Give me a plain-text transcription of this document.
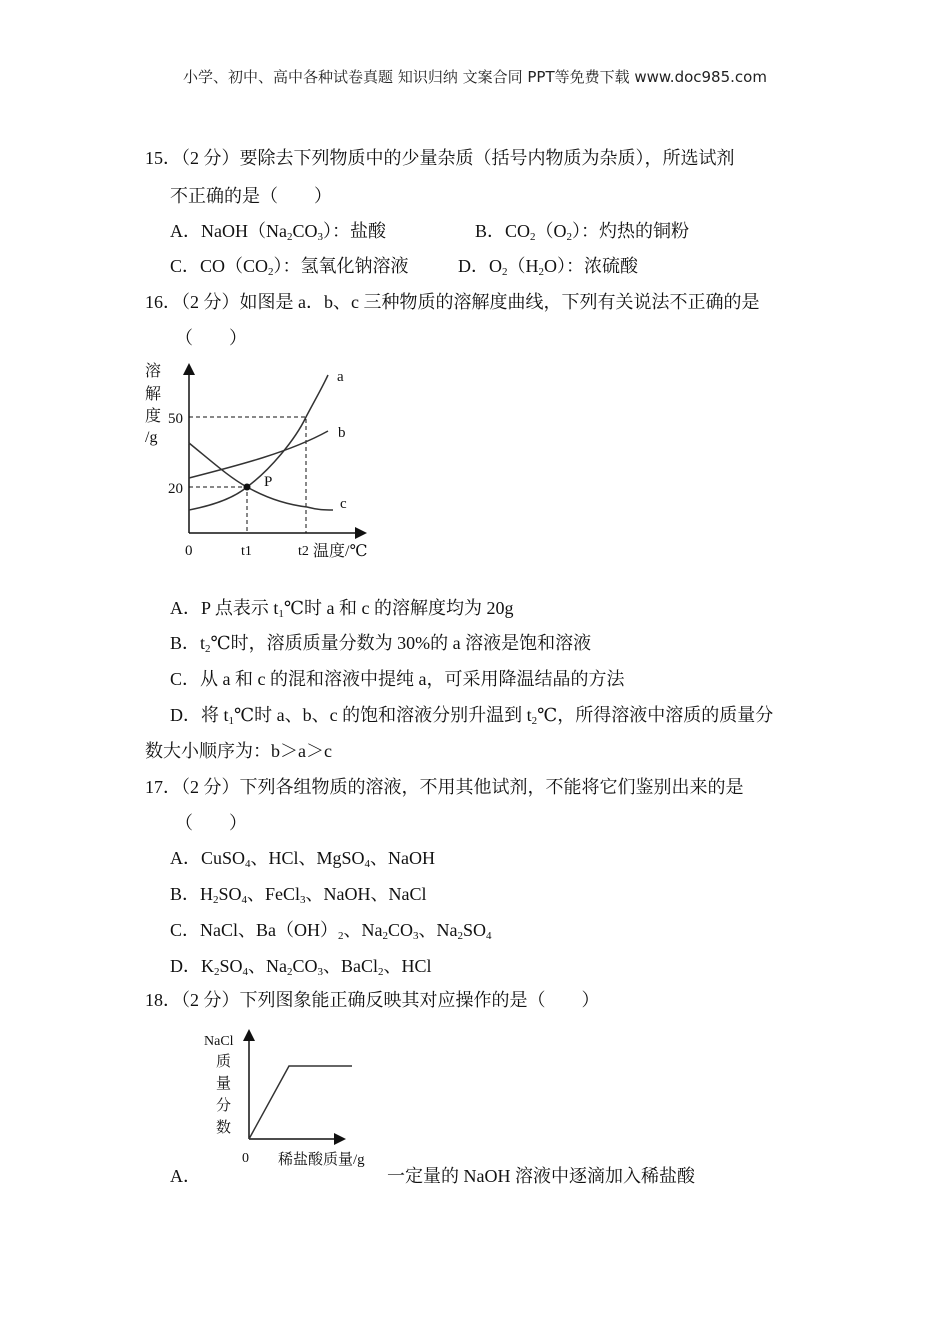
小学、初中、高中各种试卷真题 知识归纳 文案合同 PPT等免费下载 www.doc985.com
15．（2 分）要除去下列物质中的少量杂质（括号内物质为杂质），所选试剂
不正确的是（　　）
A．$NaOH(Na_2CO_3)$：盐酸	B．$CO_2(O_2)$：灼热的铜粉
C．$CO(CO_2)$：氢氧化钠溶液	D．$O_2(H_2O)$：浓硫酸
16．（2 分）如图是 a．b、c 三种物质的溶解度曲线，下列有关说法不正确的是
（　　）
溶
解
度
/g
50
20
0	t1	t2 温度/℃
a
b
c
P
NaCl
质
量
分
数
0 稀盐酸质量/g
A．P 点表示 $t_1℃$时 a 和 c 的溶解度均为 20g
B．$t_2℃$时，溶质质量分数为 30%的 a 溶液是饱和溶液
C．从 a 和 c 的混和溶液中提纯 a，可采用降温结晶的方法
D．将 $t_1℃$时 a、b、c 的饱和溶液分别升温到 $t_2℃$，所得溶液中溶质的质量分
数大小顺序为：b＞a＞c
17．（2 分）下列各组物质的溶液，不用其他试剂，不能将它们鉴别出来的是
（　　）
A．CuSO$_4$、HCl、MgSO$_4$、NaOH
B．$H_2SO_4$、FeCl$_3$、NaOH、NaCl
C．NaCl、$Ba(OH)_2$、$Na_2CO_3$、$Na_2SO_4$
D．$K_2SO_4$、$Na_2CO_3$、BaCl$_2$、HCl
18．（2 分）下列图象能正确反映其对应操作的是（　　）
A．	一定量的 NaOH 溶液中逐滴加入稀盐酸
